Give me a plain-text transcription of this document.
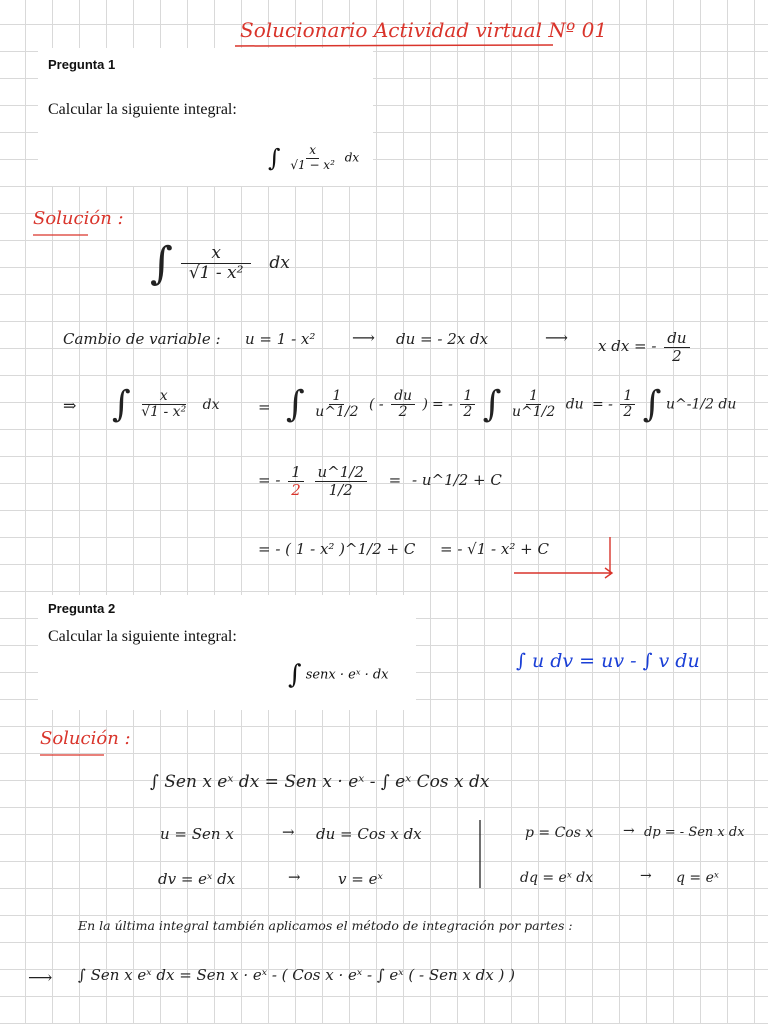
Solucionario Actividad virtual Nº 01
Pregunta 1
Calcular la siguiente integral:
∫ $\frac{x}{\text{√1 − x²}}$ dx
Solución :
∫ $\frac{x}{\text{√1 - x²}}$ dx
Cambio de variable : u = 1 - x² ⟶ du = - 2x dx	⟶ x dx = - $\frac{du}{2}$
⇒ ∫ $\frac{x}{\text{√1 - x²}}$ dx	= ∫ $\frac{1}{u\^{}1/2}$ ( - $\frac{du}{2}$ ) = - $\frac{1}{2}$ ∫ $\frac{1}{u\^{}1/2}$ du = - $\frac{1}{2}$ ∫ u^-1/2 du
= - $\frac{1}{2}$
$\frac{u\^{}1/2}{1/2}$ = - u^1/2 + C
= - ( 1 - x² )^1/2 + C = - √1 - x² + C
Pregunta 2
Calcular la siguiente integral:
∫ senx · eˣ · dx
∫ u dv = uv - ∫ v du
Solución :
∫ Sen x eˣ dx = Sen x · eˣ - ∫ eˣ Cos x dx
u = Sen x	→ du = Cos x dx
dv = eˣ dx	→ v = eˣ
p = Cos x → dp = - Sen x dx
dq = eˣ dx	→ q = eˣ
En la última integral también aplicamos el método de integración por partes :
⟶ ∫ Sen x eˣ dx = Sen x · eˣ - ( Cos x · eˣ - ∫ eˣ ( - Sen x dx ) )
